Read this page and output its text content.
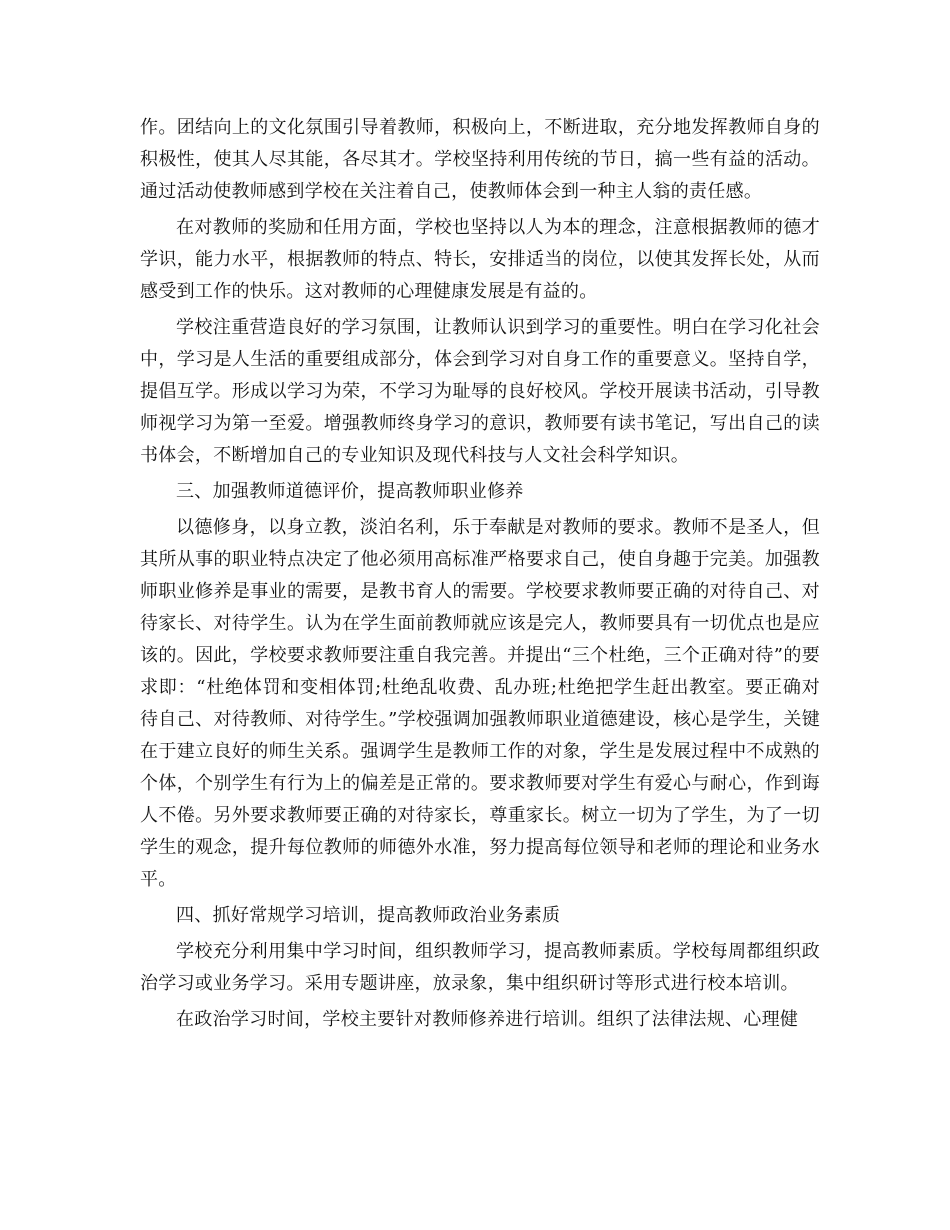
作。团结向上的文化氛围引导着教师，积极向上，不断进取，充分地发挥教师自身的积极性，使其人尽其能，各尽其才。学校坚持利用传统的节日，搞一些有益的活动。通过活动使教师感到学校在关注着自己，使教师体会到一种主人翁的责任感。

在对教师的奖励和任用方面，学校也坚持以人为本的理念，注意根据教师的德才学识，能力水平，根据教师的特点、特长，安排适当的岗位，以使其发挥长处，从而感受到工作的快乐。这对教师的心理健康发展是有益的。

学校注重营造良好的学习氛围，让教师认识到学习的重要性。明白在学习化社会中，学习是人生活的重要组成部分，体会到学习对自身工作的重要意义。坚持自学，提倡互学。形成以学习为荣，不学习为耻辱的良好校风。学校开展读书活动，引导教师视学习为第一至爱。增强教师终身学习的意识，教师要有读书笔记，写出自己的读书体会，不断增加自己的专业知识及现代科技与人文社会科学知识。

三、加强教师道德评价，提高教师职业修养

以德修身，以身立教，淡泊名利，乐于奉献是对教师的要求。教师不是圣人，但其所从事的职业特点决定了他必须用高标准严格要求自己，使自身趣于完美。加强教师职业修养是事业的需要，是教书育人的需要。学校要求教师要正确的对待自己、对待家长、对待学生。认为在学生面前教师就应该是完人，教师要具有一切优点也是应该的。因此，学校要求教师要注重自我完善。并提出“三个杜绝，三个正确对待”的要求即：“杜绝体罚和变相体罚;杜绝乱收费、乱办班;杜绝把学生赶出教室。要正确对待自己、对待教师、对待学生。”学校强调加强教师职业道德建设，核心是学生，关键在于建立良好的师生关系。强调学生是教师工作的对象，学生是发展过程中不成熟的个体，个别学生有行为上的偏差是正常的。要求教师要对学生有爱心与耐心，作到诲人不倦。另外要求教师要正确的对待家长，尊重家长。树立一切为了学生，为了一切学生的观念，提升每位教师的师德外水准，努力提高每位领导和老师的理论和业务水平。

四、抓好常规学习培训，提高教师政治业务素质

学校充分利用集中学习时间，组织教师学习，提高教师素质。学校每周都组织政治学习或业务学习。采用专题讲座，放录象，集中组织研讨等形式进行校本培训。

在政治学习时间，学校主要针对教师修养进行培训。组织了法律法规、心理健
